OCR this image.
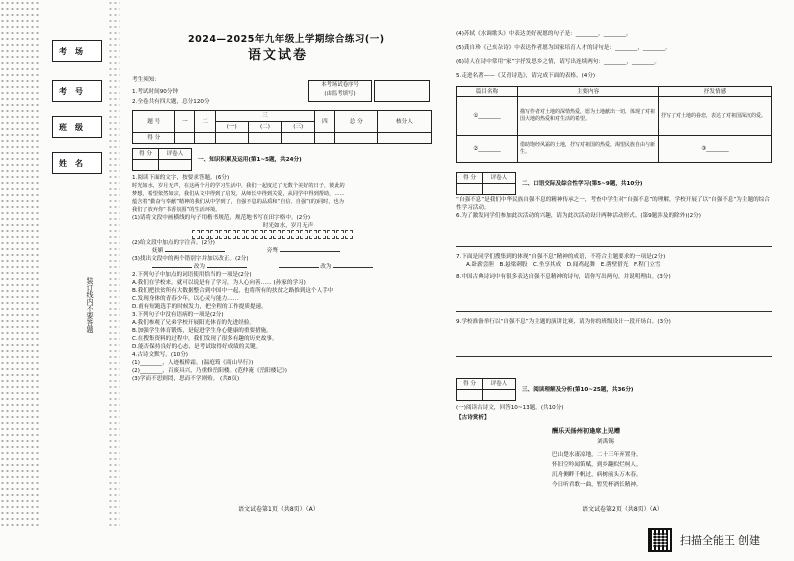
考　场
考　号
班　级
姓　名
装订线内不要答题
2024—2025年九年级上学期综合练习(一)
语文试卷
考生须知：
1.考试时间90分钟
2.全卷共有四大题，总分120分
本考场试卷序号
(由监考填写)
题 号	一	二	三			四	总 分	核分人
			(一)	(二)	(三)			
得 分								
得 分	评卷人

一、知识积累及运用(第1~5题，共24分)

1.阅读下面的文字，按要求答题。(6分)

时光如水，岁月无声，在这两个月的学习生活中，我们一起度过了无数个美好的日子，彼此的

梦想，希望依然如宗，我们从文中得到了启发，从师长中得到关爱，从同学中得到帮助，……

蕴含着“勤奋与奉献”精神的我们从中学到了，自强不息的品质和“自信、自强”(的)同时，也为

我们了放弃你“书香氛围”的生活环境。

(1)请将文段中画横线的句子用楷书规范，规范地书写在田字格中。(2分)

时光如水，岁月无声

(2)给文段中加点的字注音。(2分)

妩媚	旁骛

(3)找出文段中的两个错别字并加以改正。(2分)

改为	改为

2.下列句子中加点的词语使用恰当的一项是(2分)

A.我们在学校来，就可以说是有了学习，为人心向善…… (孙家的学习)

B.我们把扶贫所有大数据整合到中国中一起，也将所有的扶贫之路推到这个人手中

C.发现身体的青春少年，以心灵与能力……

D.甫有短跑选手的时候发力，把全程的工作提质提速。

3.下列句子中没有语病的一项是(2分)

A.我们参观了兄弟学校开展阳光体育的先进经验。

B.加强学生体育锻炼，是促进学生身心健康的重要措施。

C.在搜集资料的过程中，我们发现了很多有趣的历史故事。

D.能否保持良好的心态，是考试取得好成绩的关键。

4.古诗文默写。(10分)

(1)________，人迹板桥霜。(温庭筠《商山早行》)

(2)________，百废具兴，乃重修岳阳楼。(范仲淹《岳阳楼记》)

(3)学而不思则罔，思而不学则殆。 (共8页)

语文试卷第1页（共8页）（A）

(4)苏轼《水调歌头》中表达美好祝愿的句子是：________，________。

(5)龚自珍《己亥杂诗》中表达作者愿为国家培育人才的诗句是：________，________。

(6)诗人在诗中常用“家”字抒发思乡之情，请写出连续两句：________，________。

5.走进名著——《艾青诗选》，请完成下面的表格。(4分)

篇目名称	主要内容	抒发情感
①________	描写作者对土地的深情热爱，愿为土地献出一切，体现了对祖国大地的热爱和对生活的希望。	抒写了对土地的眷恋，表达了对祖国深沉的爱。
②________	借助饱经风霜的土地，抒写对祖国的热爱，渴望民族自由与新生。	③________
得 分	评卷人

二、口语交际及综合性学习(第5~9题，共10分)

“自强不息”是我们中华民族自强不息的精神传承之一，考查中学生对“自强不息”的理解，学校开展了以“自强不息”为主题的综合性学习活动。

6.为了激发同学们参加此次活动的兴趣，请为此次活动设计两种活动形式。(第9题涉及的除外)(2分)

7.下面是同学们搜集到的体现“自强不息”精神的成语，不符合主题要求的一项是(2分)

A.卧薪尝胆　B.悬梁刺股　C.坐享其成　D.闻鸡起舞　E.凿壁借光　F.程门立雪

8.中国古典诗词中有很多表达自强不息精神的诗句，请你写出两句，并说明理由。(3分)

9.学校准备举行以“自强不息”为主题的演讲比赛，请为你的班级设计一段开场白。(3分)

得 分	评卷人

三、阅读理解及分析(第10~25题，共36分)
(一)阅读古诗文，回答10~13题。(共10分)
【古诗赏析】
酬乐天扬州初逢席上见赠
刘禹锡

巴山楚水凄凉地，二十三年弃置身。

怀旧空吟闻笛赋，到乡翻似烂柯人。

沉舟侧畔千帆过，病树前头万木春。

今日听君歌一曲，暂凭杯酒长精神。

语文试卷第2页（共8页）（A）
扫描全能王 创建
